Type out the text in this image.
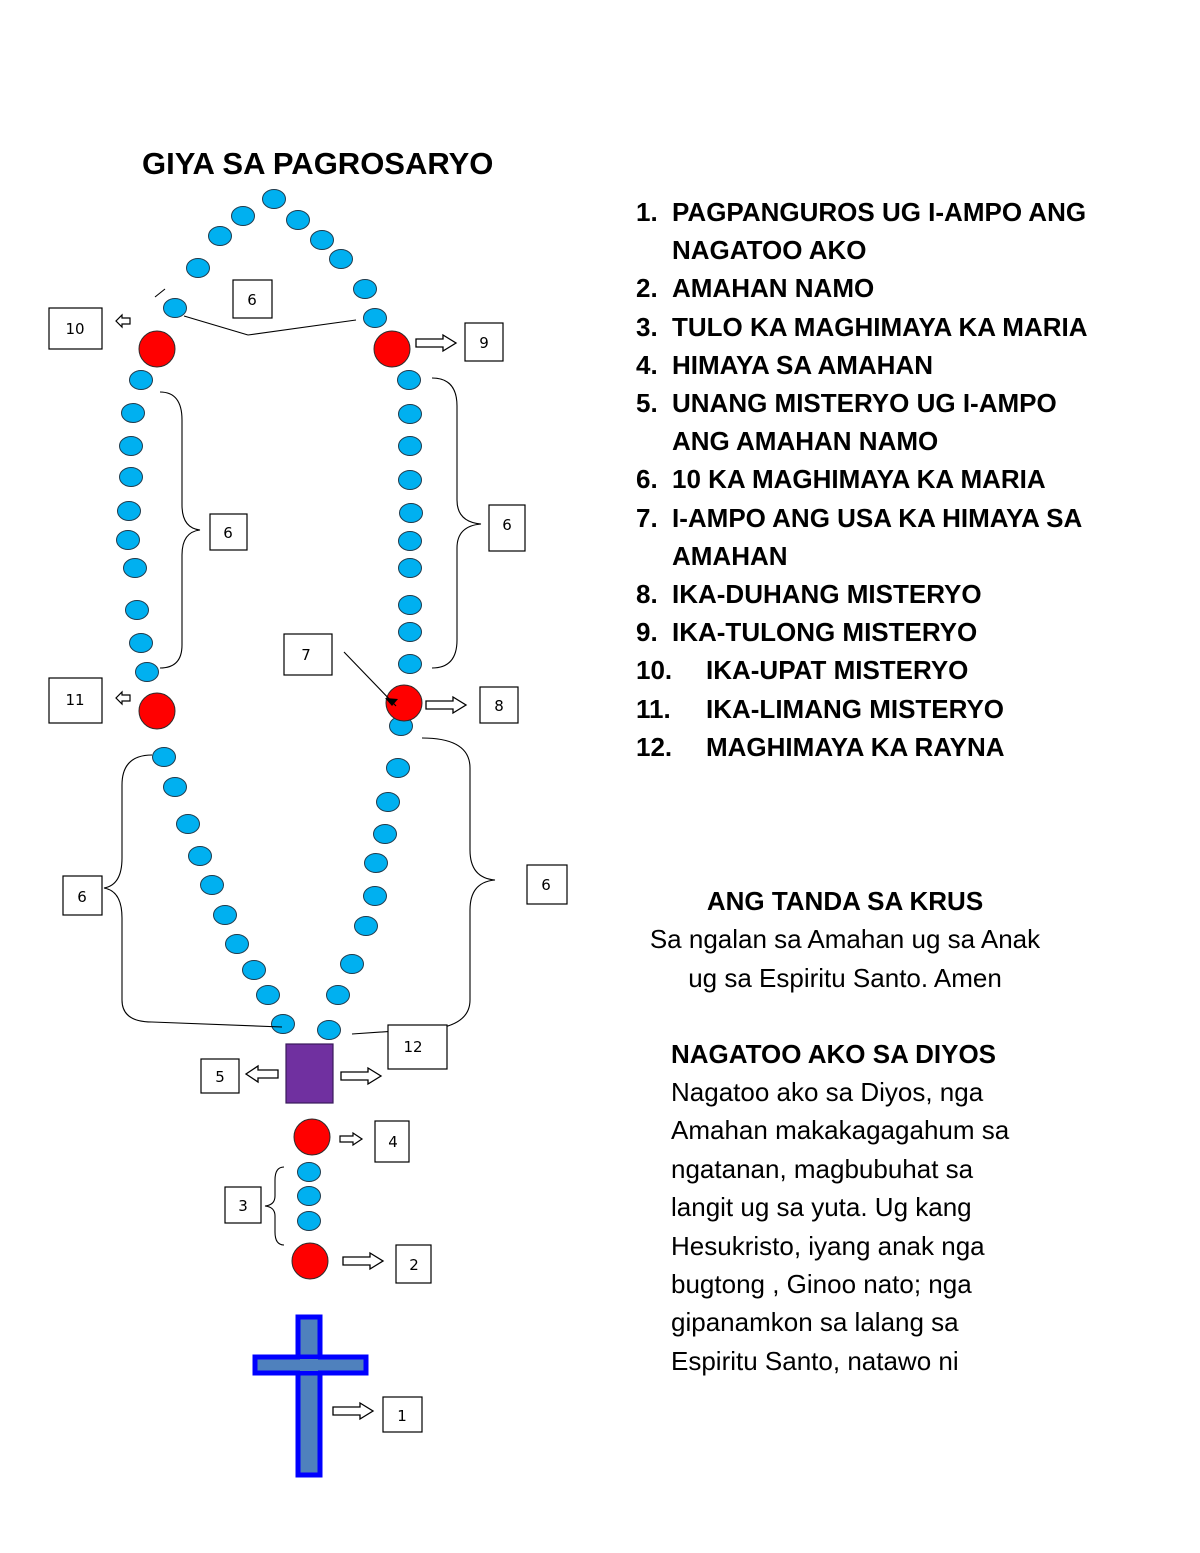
10
6
9
6	6
7
11	8
6
6
12
5
4
3
2
1
GIYA SA PAGROSARYO
1. PAGPANGUROS UG I-AMPO ANG NAGATOO AKO
2. AMAHAN NAMO
3. TULO KA MAGHIMAYA KA MARIA
4. HIMAYA SA AMAHAN
5. UNANG MISTERYO UG I-AMPO ANG AMAHAN NAMO
6. 10 KA MAGHIMAYA KA MARIA
7. I-AMPO ANG USA KA HIMAYA SA AMAHAN
8. IKA-DUHANG MISTERYO
9. IKA-TULONG MISTERYO
10.	IKA-UPAT MISTERYO
11.	IKA-LIMANG MISTERYO
12.	MAGHIMAYA KA RAYNA
ANG TANDA SA KRUS

Sa ngalan sa Amahan ug sa Anak

ug sa Espiritu Santo. Amen

NAGATOO AKO SA DIYOS

Nagatoo ako sa Diyos, nga

Amahan makakagagahum sa

ngatanan, magbubuhat sa

langit ug sa yuta. Ug kang

Hesukristo, iyang anak nga

bugtong , Ginoo nato; nga

gipanamkon sa lalang sa

Espiritu Santo, natawo ni
